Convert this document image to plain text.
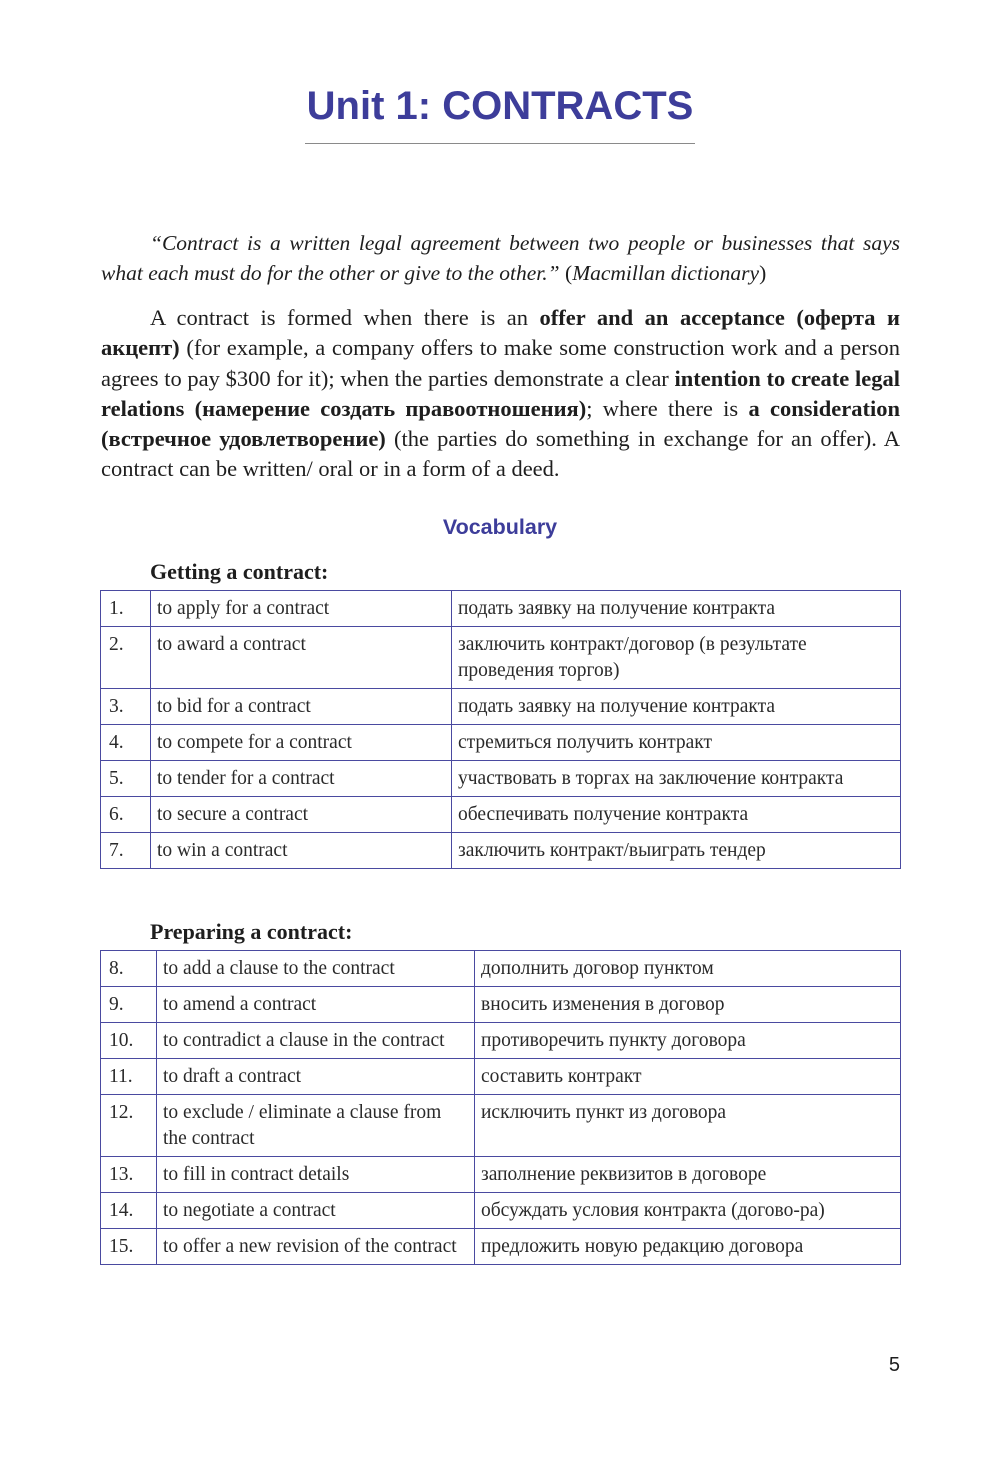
Unit 1: CONTRACTS

“Contract is a written legal agreement between two people or businesses that says what each must do for the other or give to the other.” (Macmillan dictionary)

A contract is formed when there is an offer and an acceptance (оферта и акцепт) (for example, a company offers to make some construction work and a person agrees to pay $300 for it); when the parties demonstrate a clear intention to create legal relations (намерение создать правоотношения); where there is a consideration (встречное удовлетворение) (the parties do something in exchange for an offer). A contract can be written/ oral or in a form of a deed.

Vocabulary
Getting a contract:
1.	to apply for a contract	подать заявку на получение контракта
2.	to award a contract	заключить контракт/договор (в результате проведения торгов)
3.	to bid for a contract	подать заявку на получение контракта
4.	to compete for a contract	стремиться получить контракт
5.	to tender for a contract	участвовать в торгах на заключение контракта
6.	to secure a contract	обеспечивать получение контракта
7.	to win a contract	заключить контракт/выиграть тендер
Preparing a contract:
8.	to add a clause to the contract	дополнить договор пунктом
9.	to amend a contract	вносить изменения в договор
10.	to contradict a clause in the contract	противоречить пункту договора
11.	to draft a contract	составить контракт
12.	to exclude / eliminate a clause from the contract	исключить пункт из договора
13.	to fill in contract details	заполнение реквизитов в договоре
14.	to negotiate a contract	обсуждать условия контракта (догово-ра)
15.	to offer a new revision of the contract	предложить новую редакцию договора
5
